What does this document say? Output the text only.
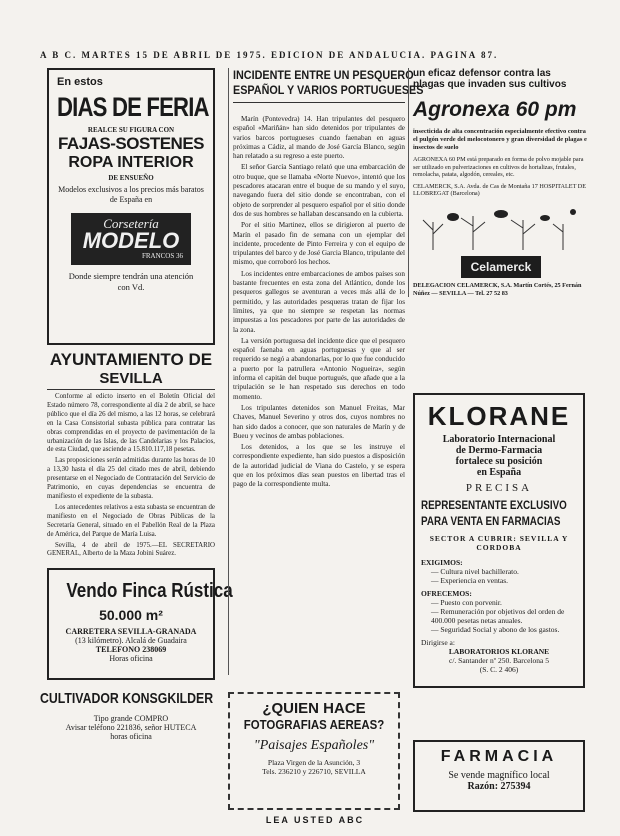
A B C. MARTES 15 DE ABRIL DE 1975. EDICION DE ANDALUCIA. PAGINA 87.
En estos
DIAS DE FERIA
REALCE SU FIGURA CON
FAJAS-SOSTENES
ROPA INTERIOR
DE ENSUEÑO
Modelos exclusivos a los precios más baratos de España en
Corsetería
MODELO
FRANCOS 36
Donde siempre tendrán una atención con Vd.
AYUNTAMIENTO DE
SEVILLA

Conforme al edicto inserto en el Boletín Oficial del Estado número 78, correspondiente al día 2 de abril, se hace público que el día 26 del mismo, a las 12 horas, se celebrará en la Casa Consistorial subasta pública para contratar las obras comprendidas en el proyecto de pavimentación de la urbanización de las Islas, de las Candelarias y los Palacios, de esta Ciudad, que asciende a 15.810.117,18 pesetas.

Las proposiciones serán admitidas durante las horas de 10 a 13,30 hasta el día 25 del citado mes de abril, debiendo presentarse en el Negociado de Contratación del Servicio de Patrimonio, en cuyas dependencias se encuentra de manifiesto el expediente de la subasta.

Los antecedentes relativos a esta subasta se encuentran de manifiesto en el Negociado de Obras Públicas de la Secretaría General, situado en el Pabellón Real de la Plaza de América, del Parque de María Luisa.

Sevilla, 4 de abril de 1975.—EL SECRETARIO GENERAL, Alberto de la Maza Jobini Suárez.

Vendo Finca Rústica
50.000 m²
CARRETERA SEVILLA-GRANADA
(13 kilómetro). Alcalá de Guadaira
TELEFONO 238069
Horas oficina
CULTIVADOR KONSGKILDER
Tipo grande COMPRO
Avisar teléfono 221836, señor HUTECA
horas oficina
INCIDENTE ENTRE UN PESQUERO
ESPAÑOL Y VARIOS PORTUGUESES

Marín (Pontevedra) 14. Han tripulantes del pesquero español «Mariñán» han sido detenidos por tripulantes de varios barcos portugueses cuando faenaban en aguas próximas a Cádiz, al mando de José García Blanco, según han relatado a su regreso a este puerto.

El señor García Santiago relató que una embarcación de otro buque, que se llamaba «Norte Nuevo», intentó que los pescadores atacaran entre el buque de su mando y el suyo, navegando fuera del sitio donde se encontraban, con el objeto de sorprender al pesquero español por el sitio donde dos de sus hombres se hallaban descansando en la cubierta.

Por el sitio Martinez, ellos se dirigieron al puerto de Marín el pasado fin de semana con un ejemplar del incidente, procedente de Pinto Ferreira y con el equipo de tripulantes del barco y de José Garcia Blanco, tripulante del mismo, que corroboró los hechos.

Los incidentes entre embarcaciones de ambos países son bastante frecuentes en esta zona del Atlántico, donde los pesqueros gallegos se aventuran a veces más allá de lo permitido, y las autoridades pesqueras tratan de fijar los límites, ya que no siempre se respetan las normas impuestas a los pescadores por parte de las autoridades de la zona.

La versión portuguesa del incidente dice que el pesquero español faenaba en aguas portuguesas y que al ser requerido se negó a abandonarlas, por lo que fue conducido a puerto por la patrullera «Antonio Nogueira», según informa el capitán del buque portugués, que añade que a la tripulación se le han respetado sus derechos en todo momento.

Los tripulantes detenidos son Manuel Freitas, Mar Chaves, Manuel Severino y otros dos, cuyos nombres no han sido dados a conocer, que son naturales de Marín y de Bueu y vecinos de ambas poblaciones.

Los detenidos, a los que se les instruye el correspondiente expediente, han sido puestos a disposición de la autoridad judicial de Viana do Castelo, y se espera que en los próximos días sean puestos en libertad tras el pago de la correspondiente multa.

¿QUIEN HACE
FOTOGRAFIAS AEREAS?
"Paisajes Españoles"
Plaza Virgen de la Asunción, 3
Tels. 236210 y 226710, SEVILLA
LEA USTED ABC
un eficaz defensor contra las
plagas que invaden sus cultivos
Agronexa 60 pm
insecticida de alta concentración especialmente efectivo contra el pulgón verde del melocotonero y gran diversidad de plagas e insectos de suelo
AGRONEXA 60 PM está preparado en forma de polvo mojable para ser utilizado en pulverizaciones en cultivos de hortalizas, frutales, remolacha, patata, algodón, cereales, etc.
CELAMERCK, S.A. Avda. de Cas de Montaña 17 HOSPITALET DE LLOBREGAT (Barcelona)
Celamerck
DELEGACION CELAMERCK, S.A. Martín Cortés, 25 Fernán Núñez — SEVILLA — Tel. 27 52 83
KLORANE
Laboratorio Internacional
de Dermo-Farmacia
fortalece su posición
en España
PRECISA
REPRESENTANTE EXCLUSIVO
PARA VENTA EN FARMACIAS
SECTOR A CUBRIR: SEVILLA Y CORDOBA
EXIGIMOS:
— Cultura nivel bachillerato.
— Experiencia en ventas.
OFRECEMOS:
— Puesto con porvenir.
— Remuneración por objetivos del orden de 400.000 pesetas netas anuales.
— Seguridad Social y abono de los gastos.
Dirigirse a:
LABORATORIOS KLORANE
c/. Santander nº 250. Barcelona 5
(S. C. 2 406)
FARMACIA
Se vende magnífico local
Razón: 275394
